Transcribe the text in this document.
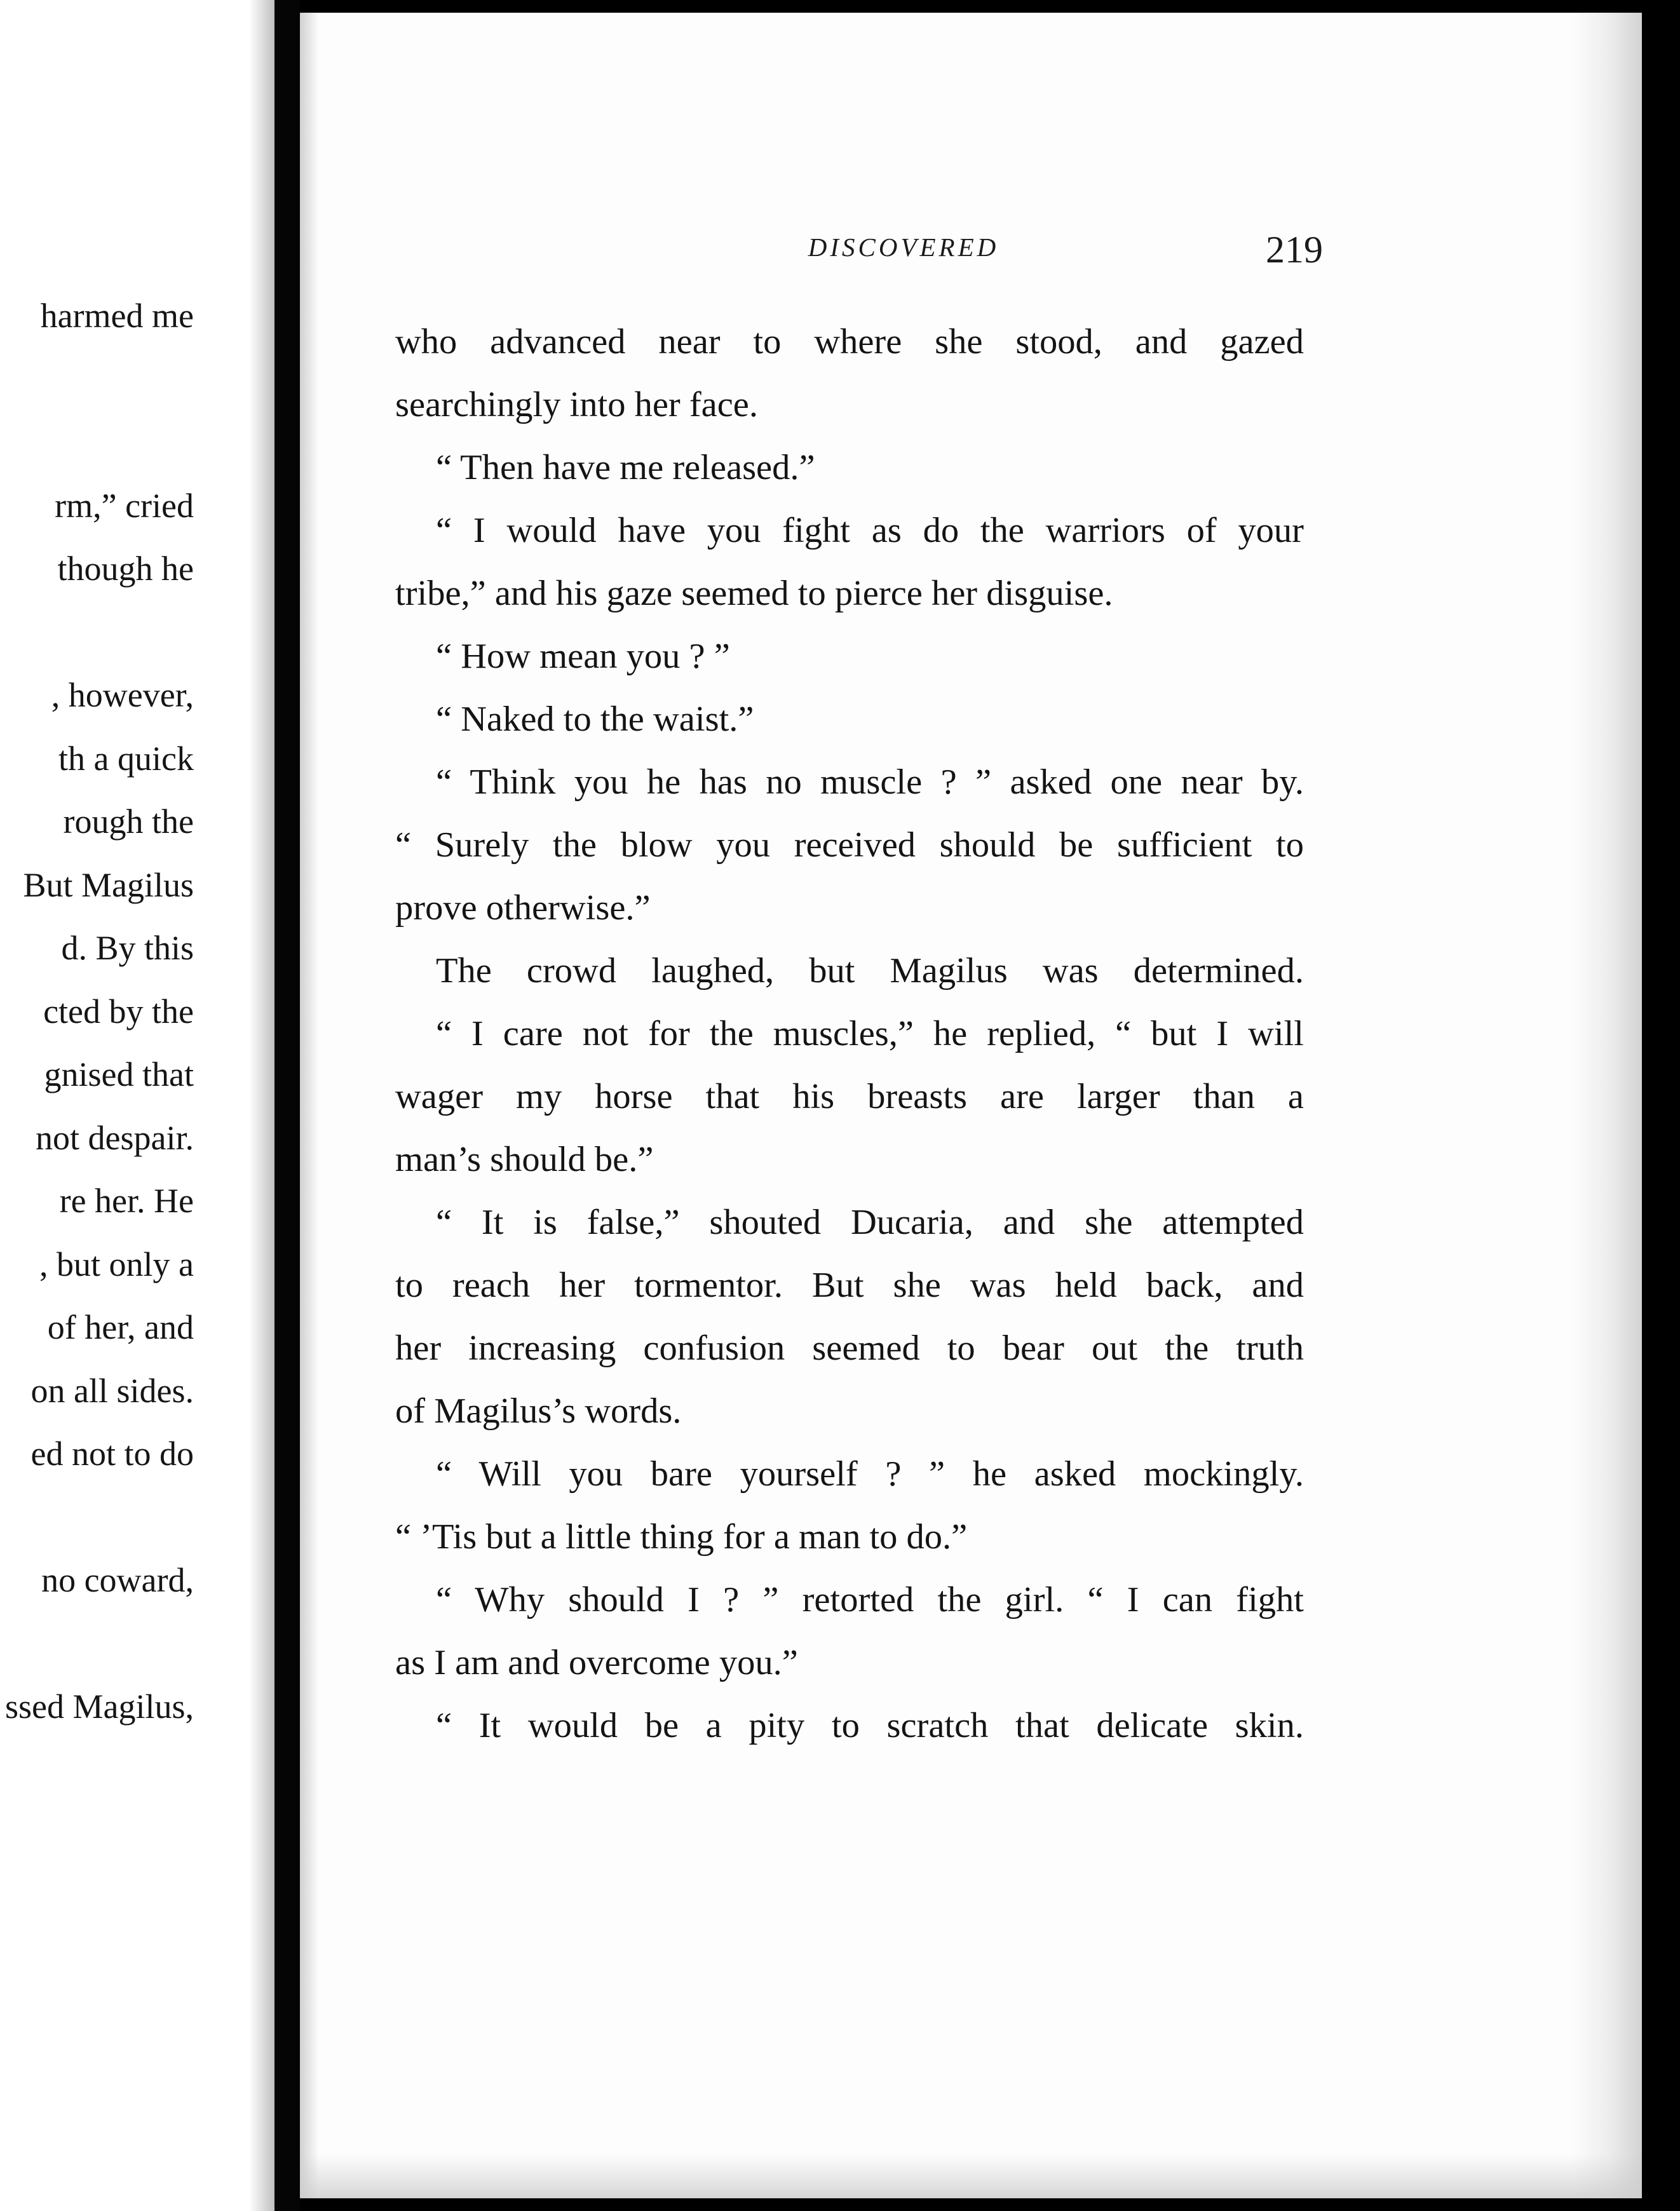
harmed me
rm,” cried
though he
, however,
th a quick
rough the
But Magilus
d. By this
cted by the
gnised that
not despair.
re her. He
, but only a
of her, and
on all sides.
ed not to do
no coward,
ssed Magilus,
DISCOVERED	219
who advanced near to where she stood, and gazed
searchingly into her face.
“ Then have me released.”
“ I would have you fight as do the warriors of your
tribe,” and his gaze seemed to pierce her disguise.
“ How mean you ? ”
“ Naked to the waist.”
“ Think you he has no muscle ? ” asked one near by.
“ Surely the blow you received should be sufficient to
prove otherwise.”
The crowd laughed, but Magilus was determined.
“ I care not for the muscles,” he replied, “ but I will
wager my horse that his breasts are larger than a
man’s should be.”
“ It is false,” shouted Ducaria, and she attempted
to reach her tormentor. But she was held back, and
her increasing confusion seemed to bear out the truth
of Magilus’s words.
“ Will you bare yourself ? ” he asked mockingly.
“ ’Tis but a little thing for a man to do.”
“ Why should I ? ” retorted the girl. “ I can fight
as I am and overcome you.”
“ It would be a pity to scratch that delicate skin.
